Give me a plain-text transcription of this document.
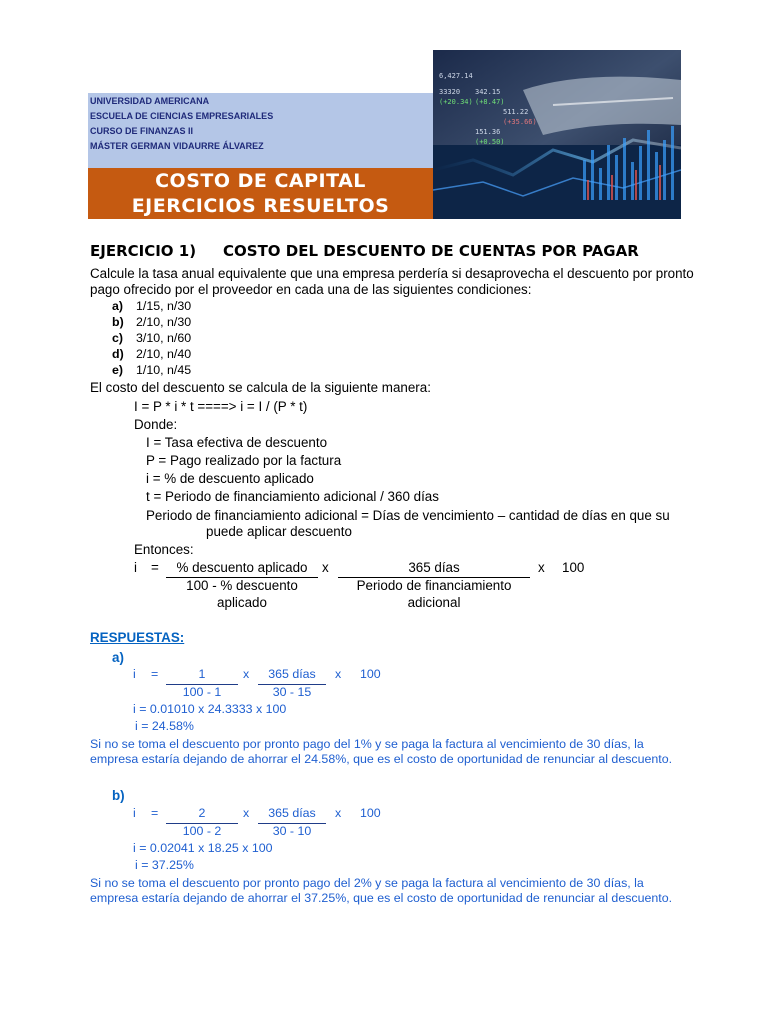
UNIVERSIDAD AMERICANA
ESCUELA DE CIENCIAS EMPRESARIALES
CURSO DE FINANZAS II
MÁSTER GERMAN VIDAURRE ÁLVAREZ
COSTO DE CAPITAL
EJERCICIOS RESUELTOS
6,427.14
33320 342.15
(+20.34) (+8.47)
511.22
(+35.66)
151.36
(+0.50)
EJERCICIO 1) COSTO DEL DESCUENTO DE CUENTAS POR PAGAR
Calcule la tasa anual equivalente que una empresa perdería si desaprovecha el descuento por pronto
pago ofrecido por el proveedor en cada una de las siguientes condiciones:
a) 1/15, n/30
b) 2/10, n/30
c) 3/10, n/60
d) 2/10, n/40
e) 1/10, n/45
El costo del descuento se calcula de la siguiente manera:
I = P * i * t ====> i = I / (P * t)
Donde:
I = Tasa efectiva de descuento
P = Pago realizado por la factura
i = % de descuento aplicado
t = Periodo de financiamiento adicional / 360 días
Periodo de financiamiento adicional = Días de vencimiento – cantidad de días en que su
puede aplicar descuento
Entonces:
i =	% descuento aplicado
100 - % descuento
aplicado
x	365 días
Periodo de financiamiento
adicional
x 100
RESPUESTAS:
a)
i =	1
100 - 1
x	365 días
30 - 15
x 100
i = 0.01010 x 24.3333 x 100
i = 24.58%
Si no se toma el descuento por pronto pago del 1% y se paga la factura al vencimiento de 30 días, la
empresa estaría dejando de ahorrar el 24.58%, que es el costo de oportunidad de renunciar al descuento.
b)
i =	2
100 - 2
x	365 días
30 - 10
x 100
i = 0.02041 x 18.25 x 100
i = 37.25%
Si no se toma el descuento por pronto pago del 2% y se paga la factura al vencimiento de 30 días, la
empresa estaría dejando de ahorrar el 37.25%, que es el costo de oportunidad de renunciar al descuento.
